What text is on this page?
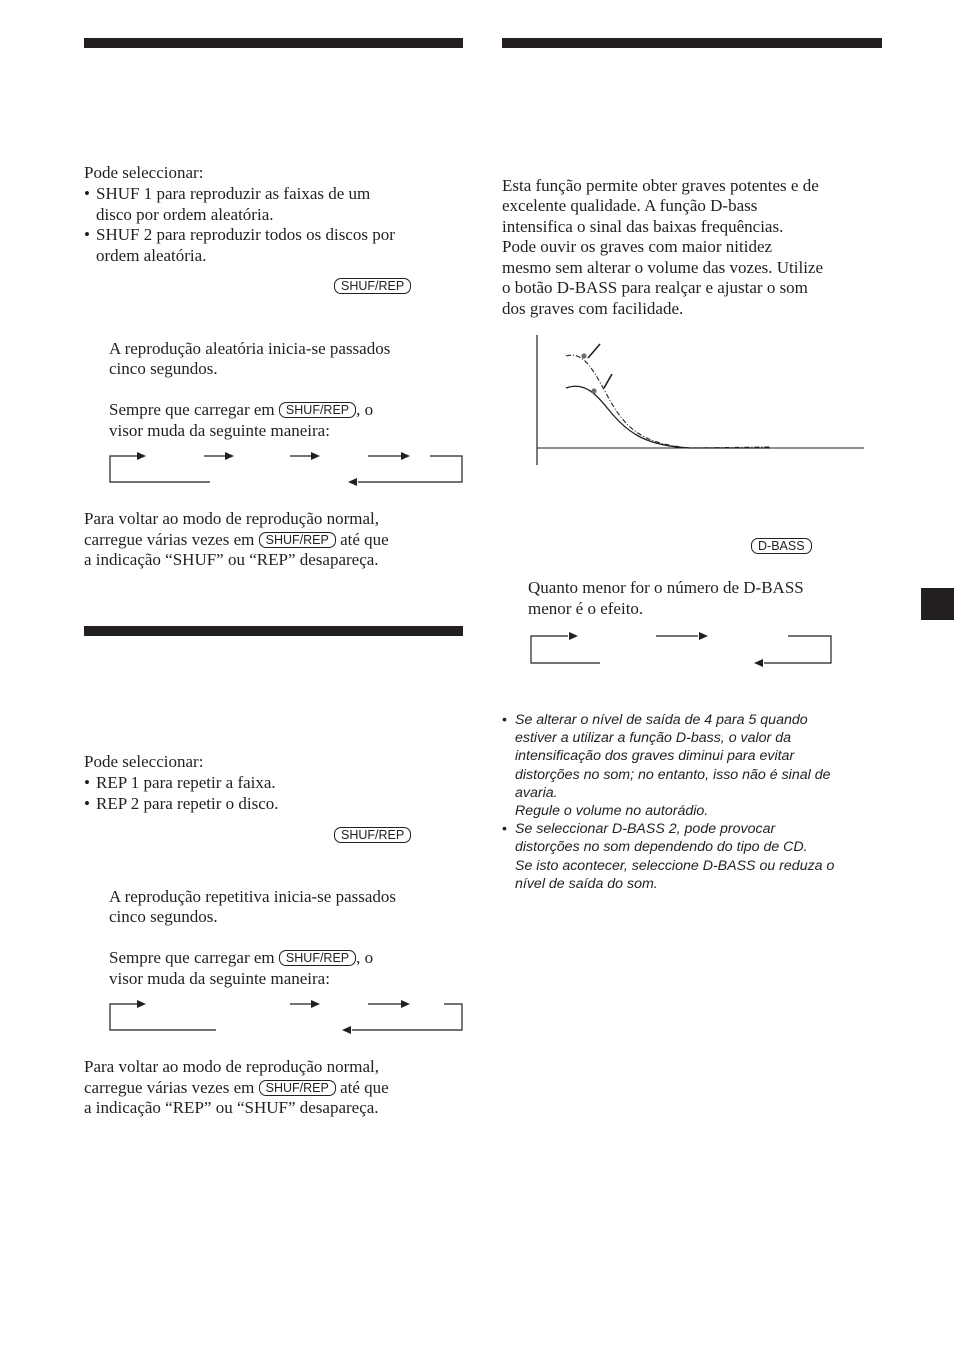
Pode seleccionar:

• SHUF 1 para reproduzir as faixas de um
disco por ordem aleatória.
• SHUF 2 para reproduzir todos os discos por
ordem aleatória.
SHUF/REP

A reprodução aleatória inicia-se passados

cinco segundos.

Sempre que carregar em SHUF/REP , o

visor muda da seguinte maneira:

Para voltar ao modo de reprodução normal,

carregue várias vezes em SHUF/REP até que

a indicação “SHUF” ou “REP” desapareça.

Pode seleccionar:

• REP 1 para repetir a faixa.
• REP 2 para repetir o disco.
SHUF/REP

A reprodução repetitiva inicia-se passados

cinco segundos.

Sempre que carregar em SHUF/REP , o

visor muda da seguinte maneira:

Para voltar ao modo de reprodução normal,

carregue várias vezes em SHUF/REP até que

a indicação “REP” ou “SHUF” desapareça.

Esta função permite obter graves potentes e de

excelente qualidade. A função D-bass

intensifica o sinal das baixas frequências.

Pode ouvir os graves com maior nitidez

mesmo sem alterar o volume das vozes. Utilize

o botão D-BASS para realçar e ajustar o som

dos graves com facilidade.

D-BASS

Quanto menor for o número de D-BASS

menor é o efeito.

• Se alterar o nível de saída de 4 para 5 quando
estiver a utilizar a função D-bass, o valor da
intensificação dos graves diminui para evitar
distorções no som; no entanto, isso não é sinal de
avaria.
Regule o volume no autorádio.
• Se seleccionar D-BASS 2, pode provocar
distorções no som dependendo do tipo de CD.
Se isto acontecer, seleccione D-BASS ou reduza o
nível de saída do som.
